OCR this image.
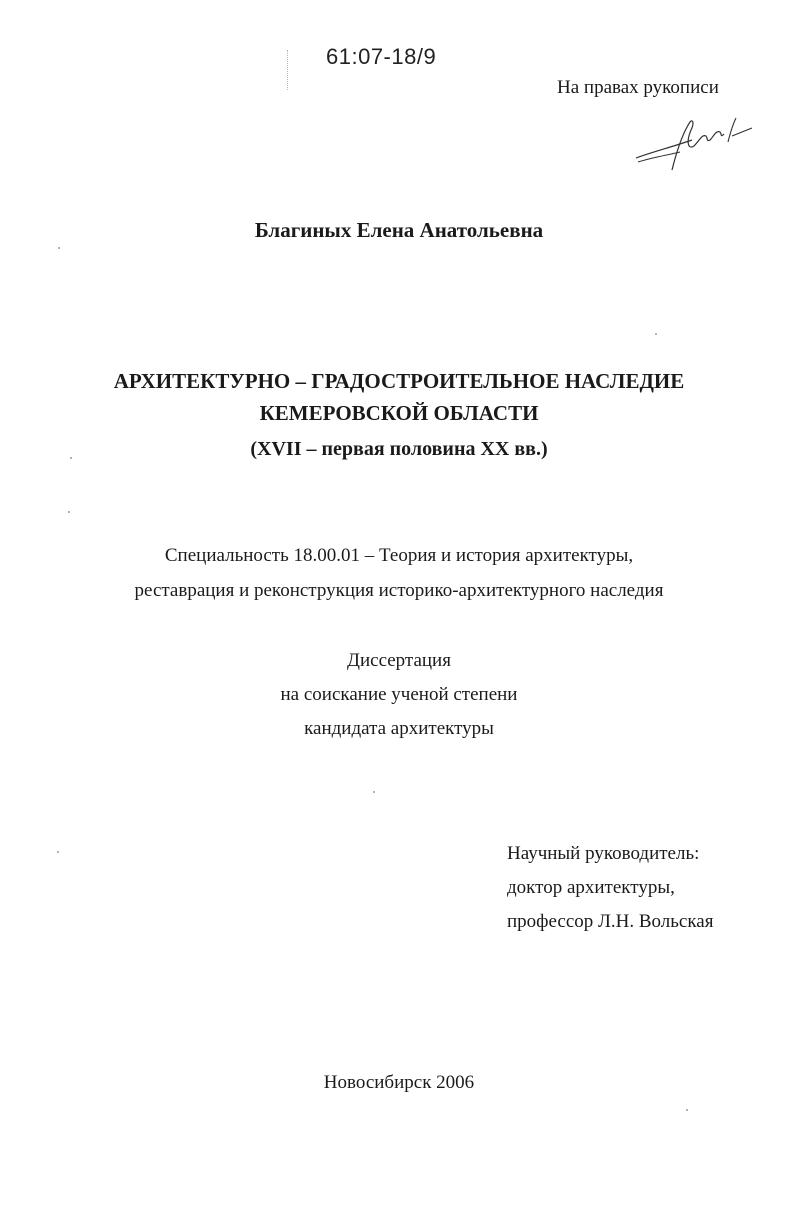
61:07-18/9
На правах рукописи
Благиных Елена Анатольевна
АРХИТЕКТУРНО – ГРАДОСТРОИТЕЛЬНОЕ НАСЛЕДИЕ
КЕМЕРОВСКОЙ ОБЛАСТИ
(XVII – первая половина XX вв.)
Специальность 18.00.01 – Теория и история архитектуры,
реставрация и реконструкция историко-архитектурного наследия
Диссертация
на соискание ученой степени
кандидата архитектуры
Научный руководитель:
доктор архитектуры,
профессор Л.Н. Вольская
Новосибирск 2006
